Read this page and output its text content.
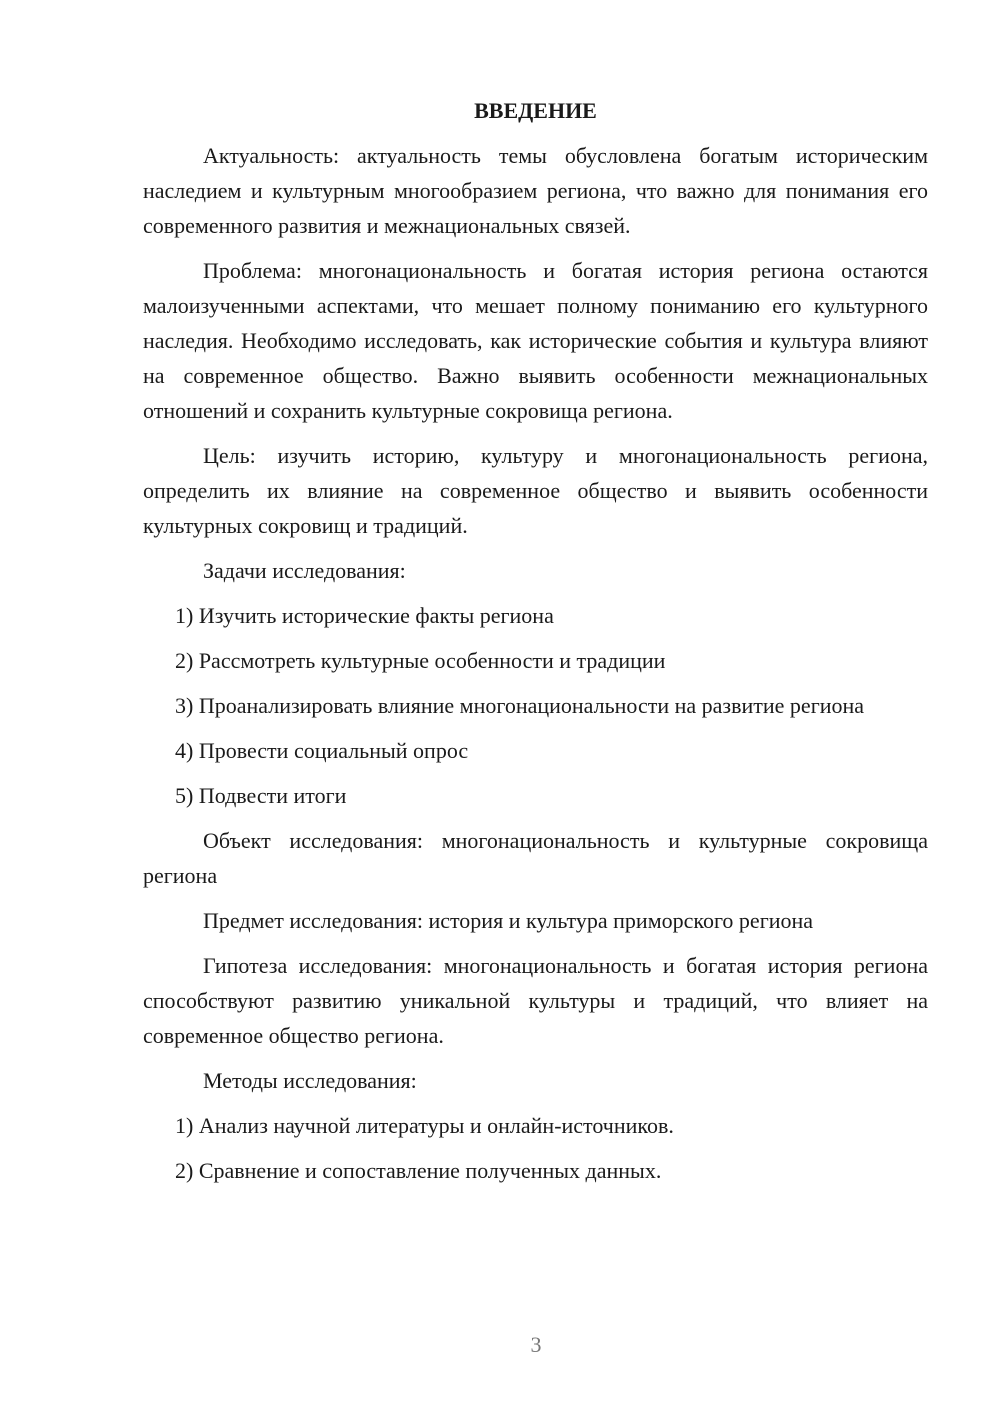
ВВЕДЕНИЕ

Актуальность: актуальность темы обусловлена богатым историческим наследием и культурным многообразием региона, что важно для понимания его современного развития и межнациональных связей.

Проблема: многонациональность и богатая история региона остаются малоизученными аспектами, что мешает полному пониманию его культурного наследия. Необходимо исследовать, как исторические события и культура влияют на современное общество. Важно выявить особенности межнациональных отношений и сохранить культурные сокровища региона.

Цель: изучить историю, культуру и многонациональность региона, определить их влияние на современное общество и выявить особенности культурных сокровищ и традиций.

Задачи исследования:

1) Изучить исторические факты региона

2) Рассмотреть культурные особенности и традиции

3) Проанализировать влияние многонациональности на развитие региона

4) Провести социальный опрос

5) Подвести итоги

Объект исследования: многонациональность и культурные сокровища региона

Предмет исследования: история и культура приморского региона

Гипотеза исследования: многонациональность и богатая история региона способствуют развитию уникальной культуры и традиций, что влияет на современное общество региона.

Методы исследования:

1) Анализ научной литературы и онлайн-источников.

2) Сравнение и сопоставление полученных данных.

3
